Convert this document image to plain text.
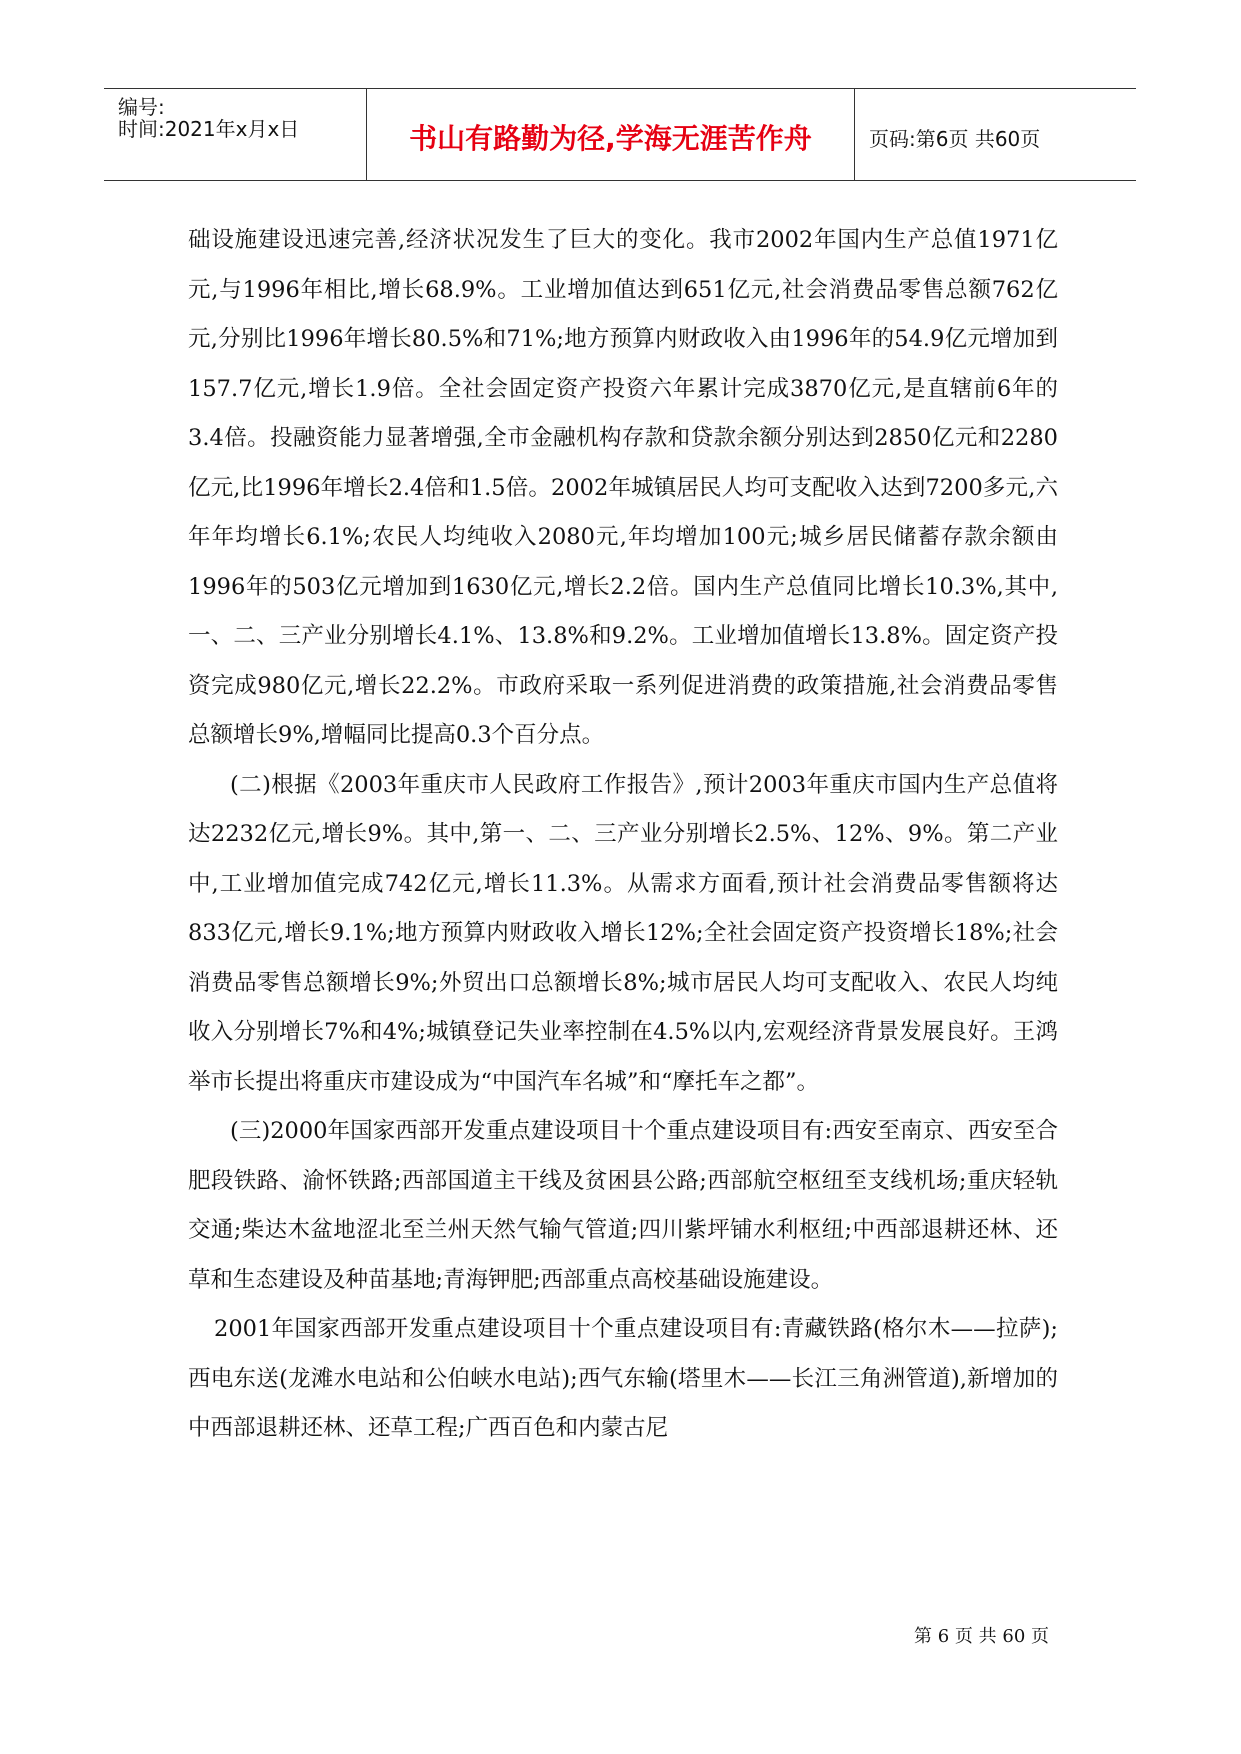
编号:
时间:2021年x月x日	书山有路勤为径,学海无涯苦作舟	页码:第6页 共60页

础设施建设迅速完善,经济状况发生了巨大的变化。我市2002年国内生产总值1971亿元,与1996年相比,增长68.9%。工业增加值达到651亿元,社会消费品零售总额762亿元,分别比1996年增长80.5%和71%;地方预算内财政收入由1996年的54.9亿元增加到157.7亿元,增长1.9倍。全社会固定资产投资六年累计完成3870亿元,是直辖前6年的3.4倍。投融资能力显著增强,全市金融机构存款和贷款余额分别达到2850亿元和2280亿元,比1996年增长2.4倍和1.5倍。2002年城镇居民人均可支配收入达到7200多元,六年年均增长6.1%;农民人均纯收入2080元,年均增加100元;城乡居民储蓄存款余额由1996年的503亿元增加到1630亿元,增长2.2倍。国内生产总值同比增长10.3%,其中,一、二、三产业分别增长4.1%、13.8%和9.2%。工业增加值增长13.8%。固定资产投资完成980亿元,增长22.2%。市政府采取一系列促进消费的政策措施,社会消费品零售总额增长9%,增幅同比提高0.3个百分点。

(二)根据《2003年重庆市人民政府工作报告》,预计2003年重庆市国内生产总值将达2232亿元,增长9%。其中,第一、二、三产业分别增长2.5%、12%、9%。第二产业中,工业增加值完成742亿元,增长11.3%。从需求方面看,预计社会消费品零售额将达833亿元,增长9.1%;地方预算内财政收入增长12%;全社会固定资产投资增长18%;社会消费品零售总额增长9%;外贸出口总额增长8%;城市居民人均可支配收入、农民人均纯收入分别增长7%和4%;城镇登记失业率控制在4.5%以内,宏观经济背景发展良好。王鸿举市长提出将重庆市建设成为“中国汽车名城”和“摩托车之都”。

(三)2000年国家西部开发重点建设项目十个重点建设项目有:西安至南京、西安至合肥段铁路、渝怀铁路;西部国道主干线及贫困县公路;西部航空枢纽至支线机场;重庆轻轨交通;柴达木盆地涩北至兰州天然气输气管道;四川紫坪铺水利枢纽;中西部退耕还林、还草和生态建设及种苗基地;青海钾肥;西部重点高校基础设施建设。

2001年国家西部开发重点建设项目十个重点建设项目有:青藏铁路(格尔木——拉萨);西电东送(龙滩水电站和公伯峡水电站);西气东输(塔里木——长江三角洲管道),新增加的中西部退耕还林、还草工程;广西百色和内蒙古尼

第 6 页 共 60 页
